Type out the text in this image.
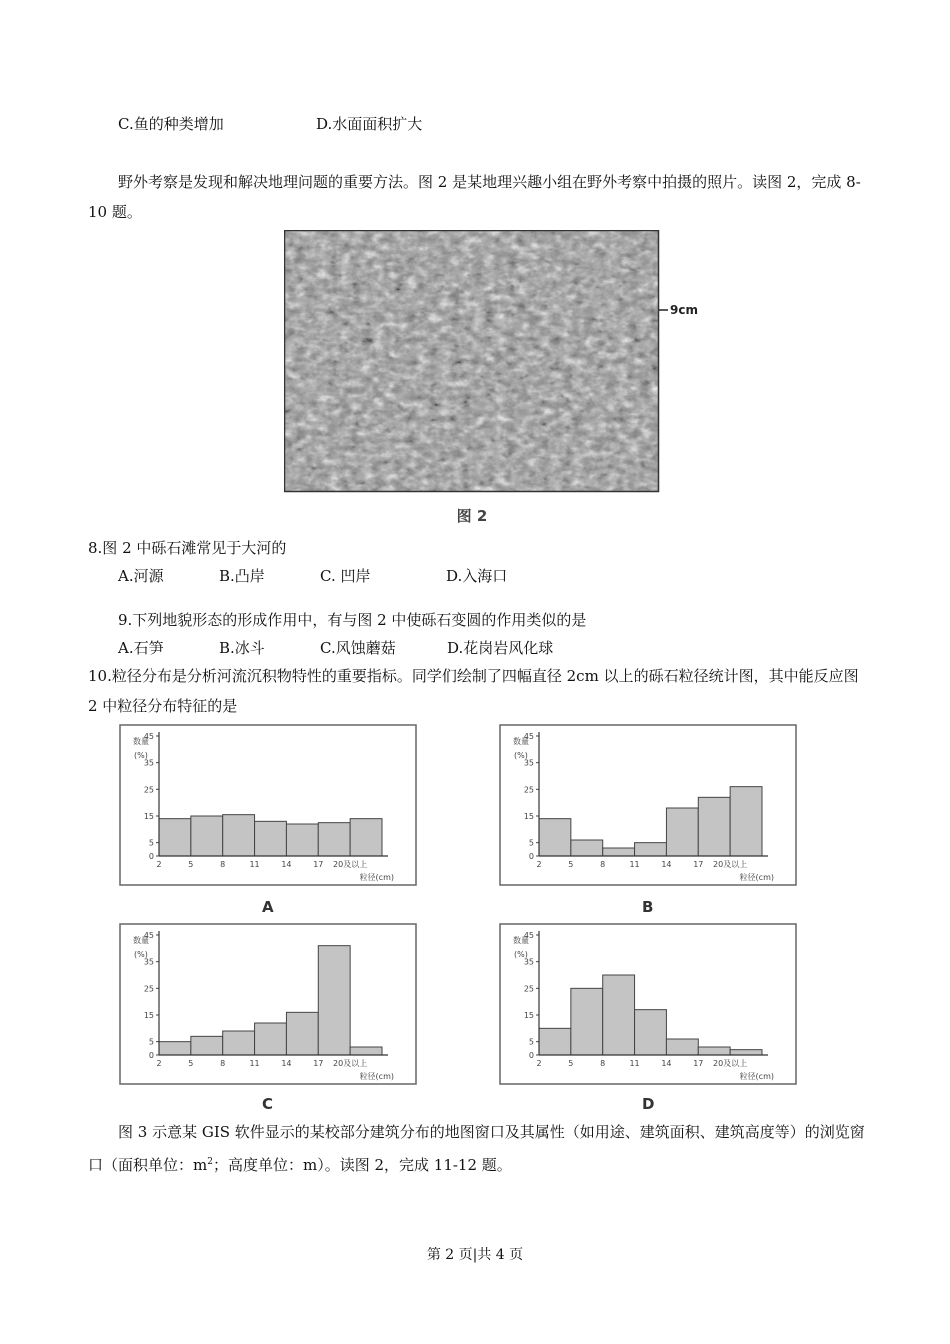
C.鱼的种类增加	D.水面面积扩大
野外考察是发现和解决地理问题的重要方法。图 2 是某地理兴趣小组在野外考察中拍摄的照片。读图 2，完成 8-10 题。
9cm
图 2
8.图 2 中砾石滩常见于大河的
A.河源	B.凸岸	C. 凹岸	D.入海口
9.下列地貌形态的形成作用中，有与图 2 中使砾石变圆的作用类似的是
A.石笋	B.冰斗	C.风蚀蘑菇	D.花岗岩风化球
10.粒径分布是分析河流沉积物特性的重要指标。同学们绘制了四幅直径 2cm 以上的砾石粒径统计图，其中能反应图 2 中粒径分布特征的是
数量
(%)
0
5
15
25
35
45
2	5	8	11	14	17 20及以上
粒径(cm)
数量
(%)
0
5
15
25
35
45
2	5	8	11	14	17 20及以上
粒径(cm)
数量
(%)
0
5
15
25
35
45
2	5	8	11	14	17 20及以上
粒径(cm)
数量
(%)
0
5
15
25
35
45
2	5	8	11	14	17 20及以上
粒径(cm)
A	B
C	D
图 3 示意某 GIS 软件显示的某校部分建筑分布的地图窗口及其属性（如用途、建筑面积、建筑高度等）的浏览窗口（面积单位：$m^2$；高度单位：m）。读图 2，完成 11-12 题。
第 2 页|共 4 页
